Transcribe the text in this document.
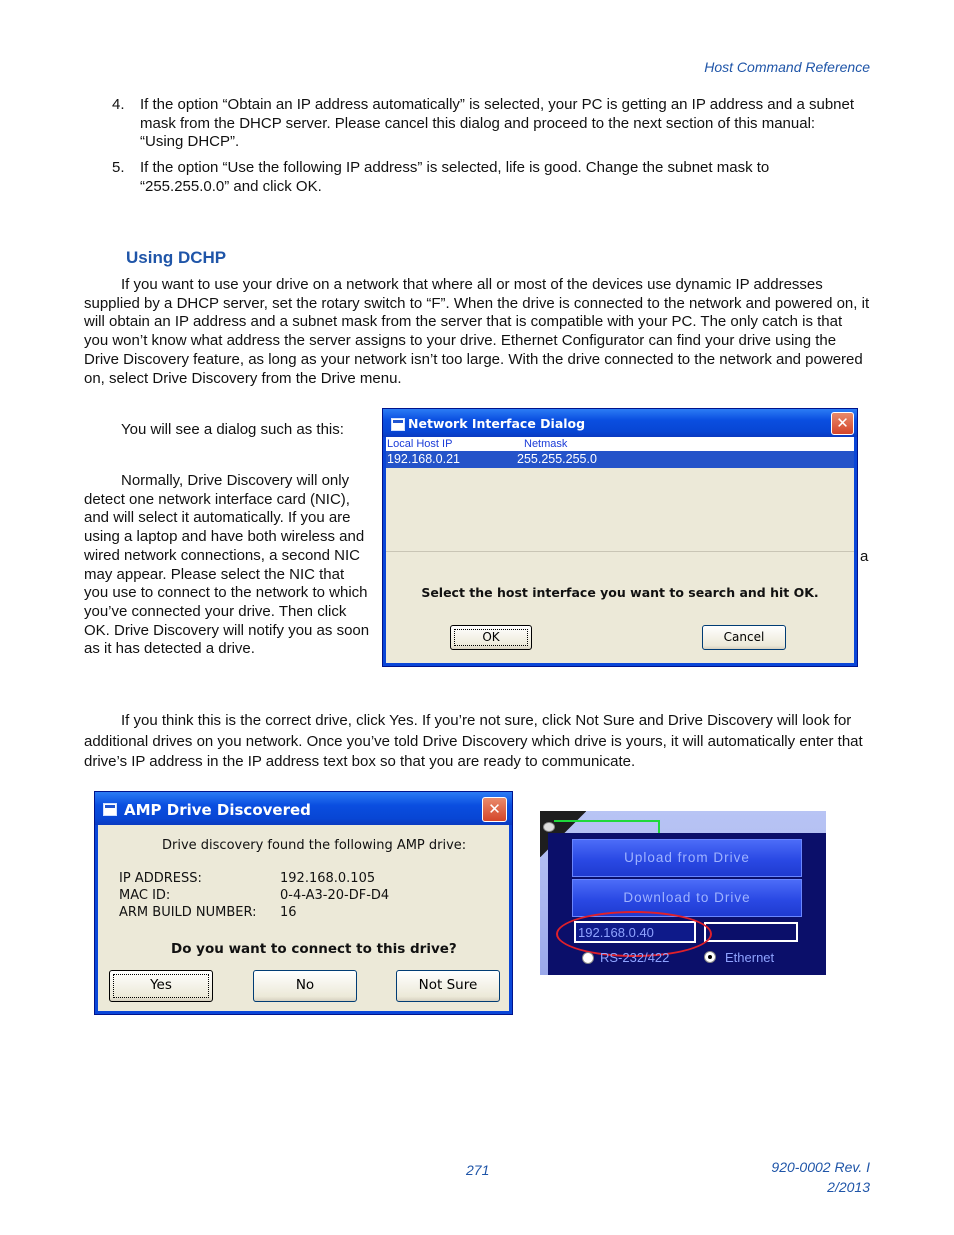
Host Command Reference
4. If the option “Obtain an IP address automatically” is selected, your PC is getting an IP address and a subnet mask from the DHCP server. Please cancel this dialog and proceed to the next section of this manual: “Using DHCP”.
5. If the option “Use the following IP address” is selected, life is good. Change the subnet mask to “255.255.0.0” and click OK.
Using DCHP
If you want to use your drive on a network that where all or most of the devices use dynamic IP addresses supplied by a DHCP server, set the rotary switch to “F”. When the drive is connected to the network and powered on, it will obtain an IP address and a subnet mask from the server that is compatible with your PC. The only catch is that you won’t know what address the server assigns to your drive. Ethernet Configurator can find your drive using the Drive Discovery feature, as long as your network isn’t too large. With the drive connected to the network and powered on, select Drive Discovery from the Drive menu.
You will see a dialog such as this:
Normally, Drive Discovery will only detect one network interface card (NIC), and will select it automatically. If you are using a laptop and have both wireless and wired network connections, a second NIC may appear. Please select the NIC that you use to connect to the network to which you’ve connected your drive. Then click OK. Drive Discovery will notify you as soon as it has detected a drive.
a
Network Interface Dialog	✕
Local Host IP	Netmask
192.168.0.21	255.255.255.0
Select the host interface you want to search and hit OK.
OK	Cancel
If you think this is the correct drive, click Yes. If you’re not sure, click Not Sure and Drive Discovery will look for additional drives on you network. Once you’ve told Drive Discovery which drive is yours, it will automatically enter that drive’s IP address in the IP address text box so that you are ready to communicate.
AMP Drive Discovered	✕
Drive discovery found the following AMP drive:
IP ADDRESS:	192.168.0.105
MAC ID:	0-4-A3-20-DF-D4
ARM BUILD NUMBER: 16
Do you want to connect to this drive?
Yes	No	Not Sure
Upload from Drive
Download to Drive
192.168.0.40
RS-232/422	Ethernet
271	920-0002 Rev. I
2/2013
